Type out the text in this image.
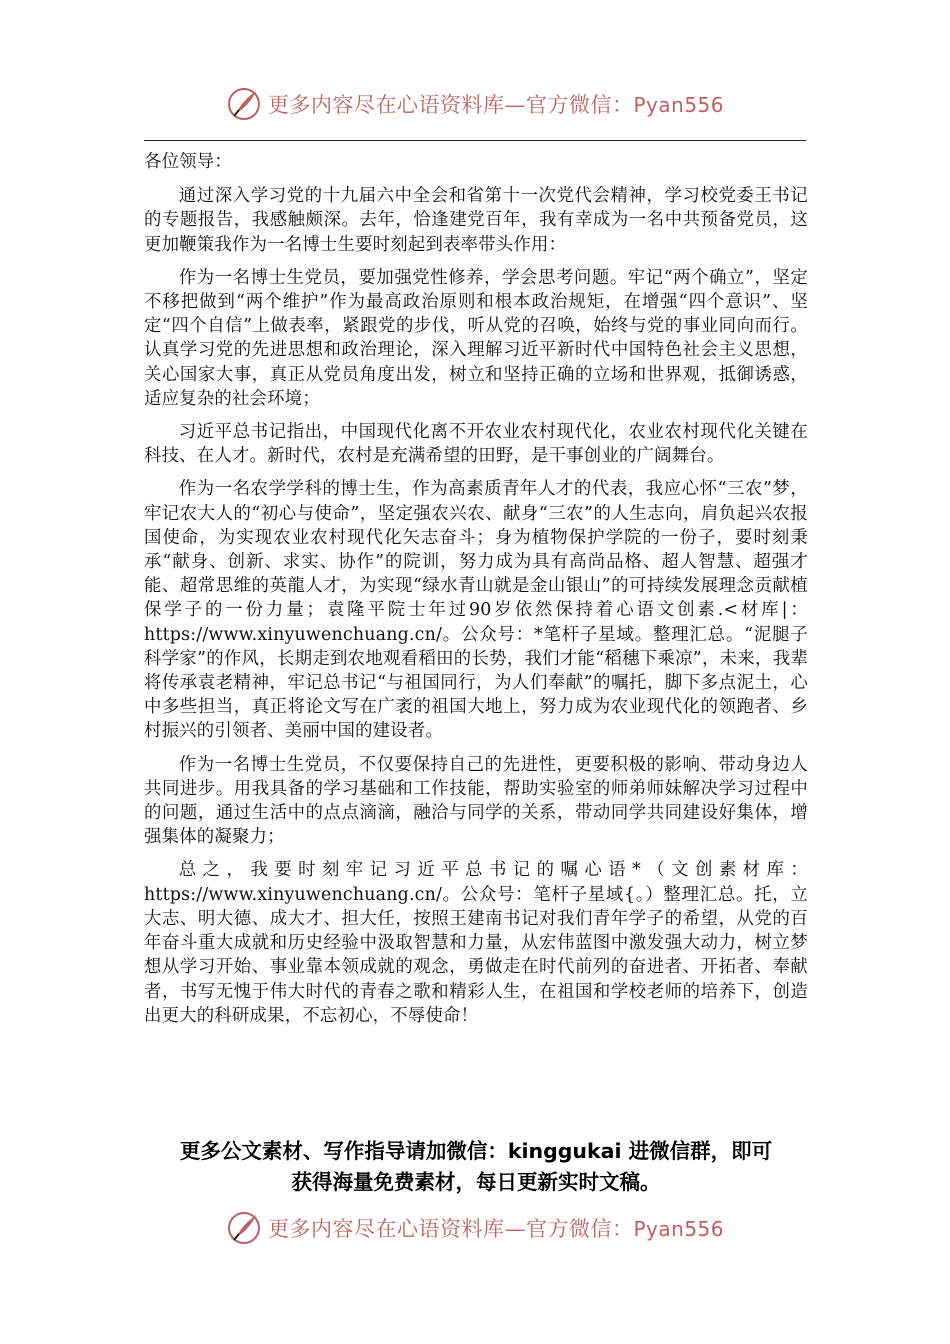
更多内容尽在心语资料库—官方微信：Pyan556

各位领导：

通过深入学习党的十九届六中全会和省第十一次党代会精神，学习校党委王书记的专题报告，我感触颇深。去年，恰逢建党百年，我有幸成为一名中共预备党员，这更加鞭策我作为一名博士生要时刻起到表率带头作用：

作为一名博士生党员，要加强党性修养，学会思考问题。牢记“两个确立”，坚定不移把做到“两个维护”作为最高政治原则和根本政治规矩，在增强“四个意识”、坚定“四个自信”上做表率，紧跟党的步伐，听从党的召唤，始终与党的事业同向而行。认真学习党的先进思想和政治理论，深入理解习近平新时代中国特色社会主义思想，关心国家大事，真正从党员角度出发，树立和坚持正确的立场和世界观，抵御诱惑，适应复杂的社会环境；

习近平总书记指出，中国现代化离不开农业农村现代化，农业农村现代化关键在科技、在人才。新时代，农村是充满希望的田野，是干事创业的广阔舞台。

作为一名农学学科的博士生，作为高素质青年人才的代表，我应心怀“三农”梦，牢记农大人的“初心与使命”，坚定强农兴农、献身“三农”的人生志向，肩负起兴农报国使命，为实现农业农村现代化矢志奋斗；身为植物保护学院的一份子，要时刻秉承“献身、创新、求实、协作”的院训，努力成为具有高尚品格、超人智慧、超强才能、超常思维的英龍人才，为实现“绿水青山就是金山银山”的可持续发展理念贡献植保学子的一份力量；袁隆平院士年过90岁依然保持着心语文创素.<材库|：https://www.xinyuwenchuang.cn/。公众号：*笔杆子星域。整理汇总。“泥腿子科学家”的作风，长期走到农地观看稻田的长势，我们才能“稻穗下乘凉”，未来，我辈将传承袁老精神，牢记总书记“与祖国同行，为人们奉献”的嘱托，脚下多点泥土，心中多些担当，真正将论文写在广袤的祖国大地上，努力成为农业现代化的领跑者、乡村振兴的引领者、美丽中国的建设者。

作为一名博士生党员，不仅要保持自己的先进性，更要积极的影响、带动身边人共同进步。用我具备的学习基础和工作技能，帮助实验室的师弟师妹解决学习过程中的问题，通过生活中的点点滴滴，融洽与同学的关系，带动同学共同建设好集体，增强集体的凝聚力；

总之，我要时刻牢记习近平总书记的嘱心语*（文创素材库：https://www.xinyuwenchuang.cn/。公众号：笔杆子星域{。）整理汇总。托，立大志、明大德、成大才、担大任，按照王建南书记对我们青年学子的希望，从党的百年奋斗重大成就和历史经验中汲取智慧和力量，从宏伟蓝图中激发强大动力，树立梦想从学习开始、事业靠本领成就的观念，勇做走在时代前列的奋进者、开拓者、奉献者，书写无愧于伟大时代的青春之歌和精彩人生，在祖国和学校老师的培养下，创造出更大的科研成果，不忘初心，不辱使命！

更多公文素材、写作指导请加微信：kinggukai 进微信群，即可
获得海量免费素材，每日更新实时文稿。
更多内容尽在心语资料库—官方微信：Pyan556
